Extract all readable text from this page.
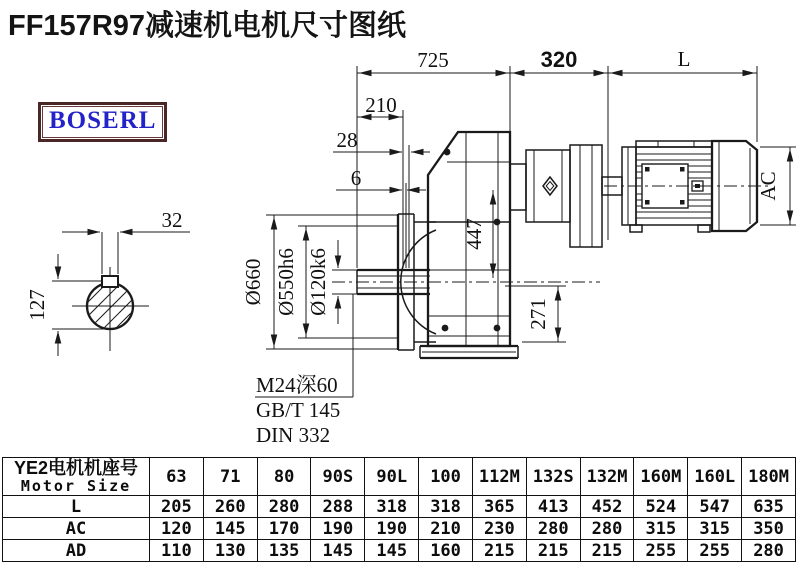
FF157R97减速机电机尺寸图纸
BOSERL
725	320	L
210
28
6
32
127
447
271
Ø660 Ø550h6 Ø120k6
AC
M24深60
GB/T 145
DIN 332
YE2电机机座号
Motor Size	63	71	80	90S	90L	100	112M	132S	132M	160M	160L	180M
L	205	260	280	288	318	318	365	413	452	524	547	635
AC	120	145	170	190	190	210	230	280	280	315	315	350
AD	110	130	135	145	145	160	215	215	215	255	255	280
